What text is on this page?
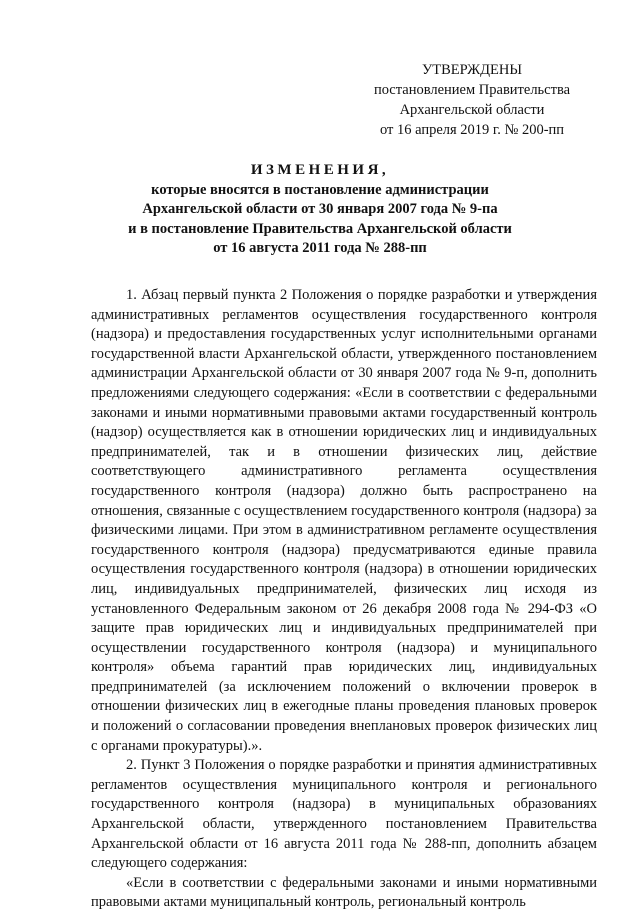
УТВЕРЖДЕНЫ
постановлением Правительства
Архангельской области
от 16 апреля 2019 г. № 200-пп
ИЗМЕНЕНИЯ,
которые вносятся в постановление администрации
Архангельской области от 30 января 2007 года № 9-па
и в постановление Правительства Архангельской области
от 16 августа 2011 года № 288-пп

1. Абзац первый пункта 2 Положения о порядке разработки и утверждения административных регламентов осуществления государственного контроля (надзора) и предоставления государственных услуг исполнительными органами государственной власти Архангельской области, утвержденного постановлением администрации Архангельской области от 30 января 2007 года № 9-п, дополнить предложениями следующего содержания: «Если в соответствии с федеральными законами и иными нормативными правовыми актами государственный контроль (надзор) осуществляется как в отношении юридических лиц и индивидуальных предпринимателей, так и в отношении физических лиц, действие соответствующего административного регламента осуществления государственного контроля (надзора) должно быть распространено на отношения, связанные с осуществлением государственного контроля (надзора) за физическими лицами. При этом в административном регламенте осуществления государственного контроля (надзора) предусматриваются единые правила осуществления государственного контроля (надзора) в отношении юридических лиц, индивидуальных предпринимателей, физических лиц исходя из установленного Федеральным законом от 26 декабря 2008 года № 294-ФЗ «О защите прав юридических лиц и индивидуальных предпринимателей при осуществлении государственного контроля (надзора) и муниципального контроля» объема гарантий прав юридических лиц, индивидуальных предпринимателей (за исключением положений о включении проверок в отношении физических лиц в ежегодные планы проведения плановых проверок и положений о согласовании проведения внеплановых проверок физических лиц с органами прокуратуры).».

2. Пункт 3 Положения о порядке разработки и принятия административных регламентов осуществления муниципального контроля и регионального государственного контроля (надзора) в муниципальных образованиях Архангельской области, утвержденного постановлением Правительства Архангельской области от 16 августа 2011 года № 288-пп, дополнить абзацем следующего содержания:

«Если в соответствии с федеральными законами и иными нормативными правовыми актами муниципальный контроль, региональный контроль
